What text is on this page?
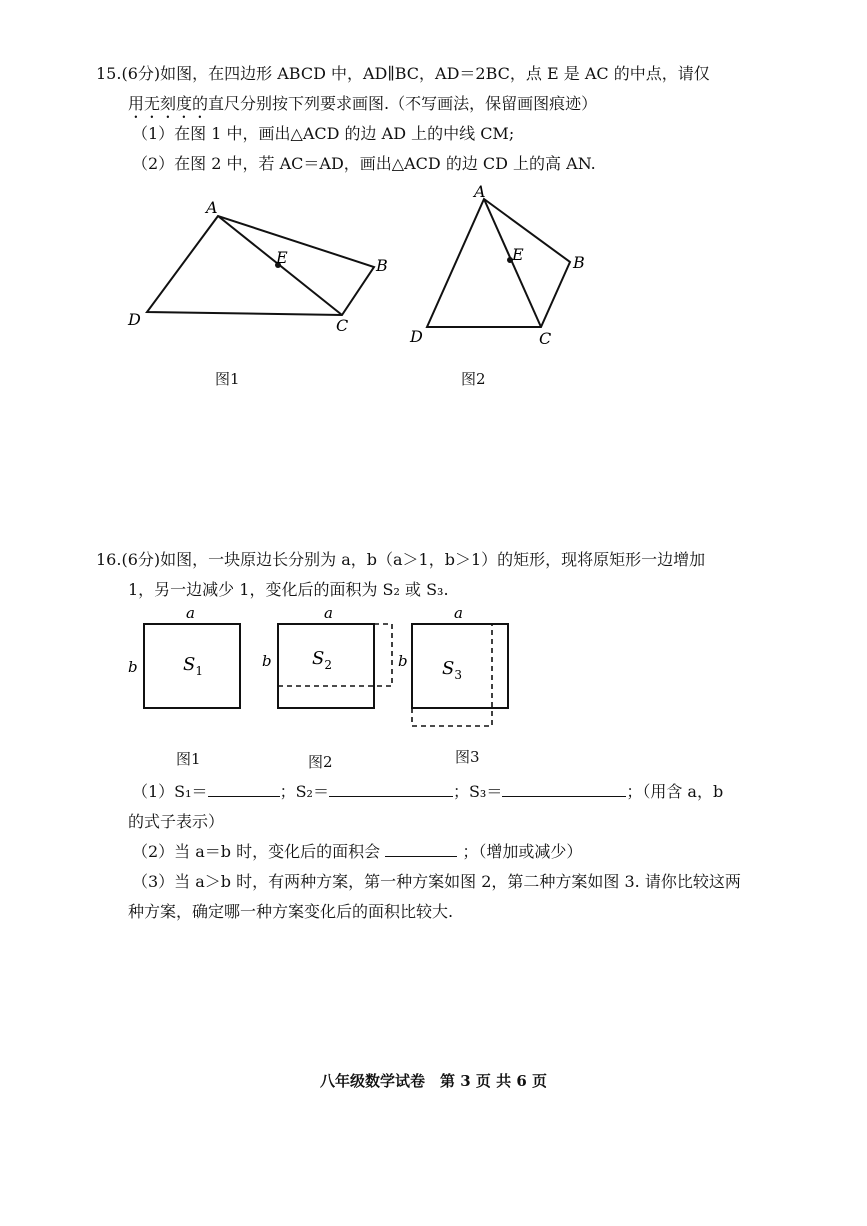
15.(6分)如图，在四边形 ABCD 中，AD∥BC，AD＝2BC，点 E 是 AC 的中点，请仅
用无刻度的直尺分别按下列要求画图.（不写画法，保留画图痕迹）
（1）在图 1 中，画出△ACD 的边 AD 上的中线 CM;
（2）在图 2 中，若 AC＝AD，画出△ACD 的边 CD 上的高 AN.
A
B
C
D
E
图1
A
B
C
D
E
图2
16.(6分)如图，一块原边长分别为 a，b（a＞1，b＞1）的矩形，现将原矩形一边增加
1，另一边减少 1，变化后的面积为 S₂ 或 S₃.
a
b	$S_1$
a
b $S_2$
a
b $S_3$
图1	图2	图3
（1）S₁＝	；S₂＝	；S₃＝	；（用含 a，b
的式子表示）
（2）当 a＝b 时，变化后的面积会	；（增加或减少）
（3）当 a＞b 时，有两种方案，第一种方案如图 2，第二种方案如图 3. 请你比较这两
种方案，确定哪一种方案变化后的面积比较大.
八年级数学试卷　第 3 页 共 6 页
